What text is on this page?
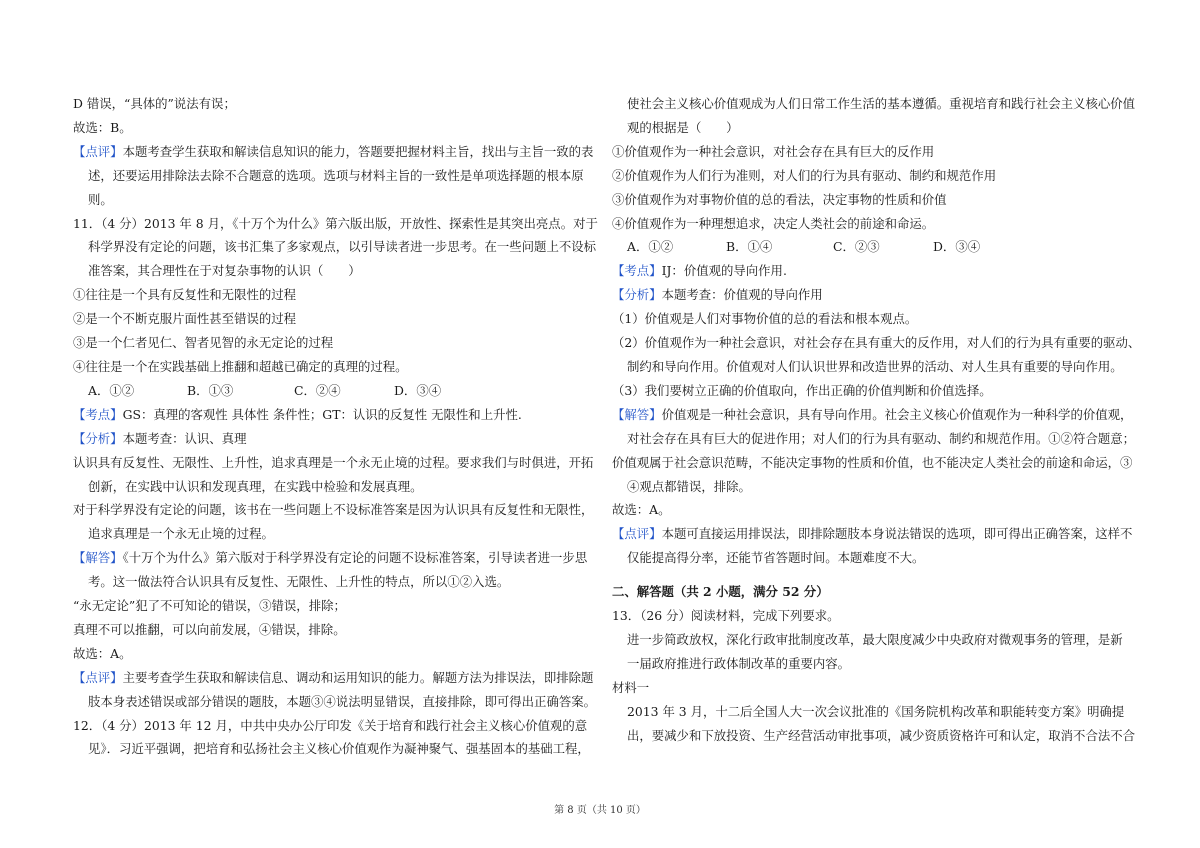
D 错误，“具体的”说法有误；

故选：B。

【点评】本题考查学生获取和解读信息知识的能力，答题要把握材料主旨，找出与主旨一致的表

述，还要运用排除法去除不合题意的选项。选项与材料主旨的一致性是单项选择题的根本原

则。

11．（4 分）2013 年 8 月，《十万个为什么》第六版出版，开放性、探索性是其突出亮点。对于

科学界没有定论的问题，该书汇集了多家观点，以引导读者进一步思考。在一些问题上不设标

准答案，其合理性在于对复杂事物的认识（　　）

①往往是一个具有反复性和无限性的过程

②是一个不断克服片面性甚至错误的过程

③是一个仁者见仁、智者见智的永无定论的过程

④往往是一个在实践基础上推翻和超越已确定的真理的过程。

A．①②	B．①③	C．②④	D．③④

【考点】GS：真理的客观性 具体性 条件性；GT：认识的反复性 无限性和上升性.

【分析】本题考查：认识、真理

认识具有反复性、无限性、上升性，追求真理是一个永无止境的过程。要求我们与时俱进，开拓

创新，在实践中认识和发现真理，在实践中检验和发展真理。

对于科学界没有定论的问题，该书在一些问题上不设标准答案是因为认识具有反复性和无限性，

追求真理是一个永无止境的过程。

【解答】《十万个为什么》第六版对于科学界没有定论的问题不设标准答案，引导读者进一步思

考。这一做法符合认识具有反复性、无限性、上升性的特点，所以①②入选。

“永无定论”犯了不可知论的错误，③错误，排除；

真理不可以推翻，可以向前发展，④错误，排除。

故选：A。

【点评】主要考查学生获取和解读信息、调动和运用知识的能力。解题方法为排误法，即排除题

肢本身表述错误或部分错误的题肢，本题③④说法明显错误，直接排除，即可得出正确答案。

12．（4 分）2013 年 12 月，中共中央办公厅印发《关于培育和践行社会主义核心价值观的意

见》．习近平强调，把培育和弘扬社会主义核心价值观作为凝神聚气、强基固本的基础工程，

使社会主义核心价值观成为人们日常工作生活的基本遵循。重视培育和践行社会主义核心价值

观的根据是（　　）

①价值观作为一种社会意识，对社会存在具有巨大的反作用

②价值观作为人们行为准则，对人们的行为具有驱动、制约和规范作用

③价值观作为对事物价值的总的看法，决定事物的性质和价值

④价值观作为一种理想追求，决定人类社会的前途和命运。

A．①②	B．①④	C．②③	D．③④

【考点】IJ：价值观的导向作用.

【分析】本题考查：价值观的导向作用

（1）价值观是人们对事物价值的总的看法和根本观点。

（2）价值观作为一种社会意识，对社会存在具有重大的反作用，对人们的行为具有重要的驱动、

制约和导向作用。价值观对人们认识世界和改造世界的活动、对人生具有重要的导向作用。

（3）我们要树立正确的价值取向，作出正确的价值判断和价值选择。

【解答】价值观是一种社会意识，具有导向作用。社会主义核心价值观作为一种科学的价值观，

对社会存在具有巨大的促进作用；对人们的行为具有驱动、制约和规范作用。①②符合题意；

价值观属于社会意识范畴，不能决定事物的性质和价值，也不能决定人类社会的前途和命运，③

④观点都错误，排除。

故选：A。

【点评】本题可直接运用排误法，即排除题肢本身说法错误的选项，即可得出正确答案，这样不

仅能提高得分率，还能节省答题时间。本题难度不大。

二、解答题（共 2 小题，满分 52 分）

13．（26 分）阅读材料，完成下列要求。

进一步简政放权，深化行政审批制度改革，最大限度减少中央政府对微观事务的管理，是新

一届政府推进行政体制改革的重要内容。

材料一

2013 年 3 月，十二后全国人大一次会议批准的《国务院机构改革和职能转变方案》明确提

出，要减少和下放投资、生产经营活动审批事项，减少资质资格许可和认定，取消不合法不合

第 8 页（共 10 页）
